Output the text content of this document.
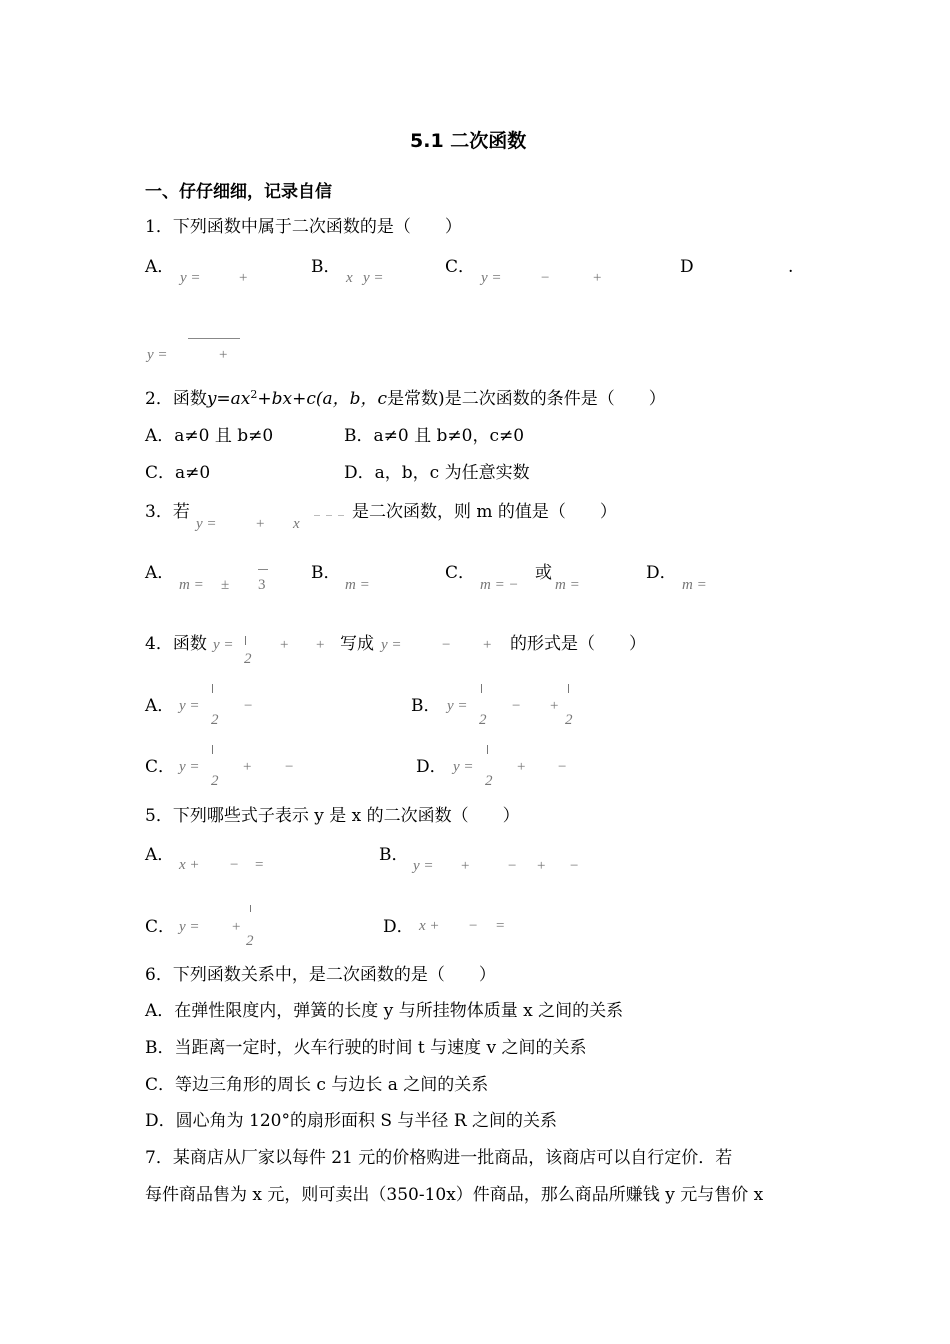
5.1 二次函数
一、仔仔细细，记录自信
1．下列函数中属于二次函数的是（　　）
A．
y =	+
B．
x y =
C．
y =	−	+
D	.
y =	+
2．函数$y=ax^2+bx+c(a$，b，c是常数)是二次函数的条件是（　　）
A．a≠0 且 b≠0	B．a≠0 且 b≠0，c≠0
C．a≠0	D．a，b，c 为任意实数
3．若
y =	+ x
是二次函数，则 m 的值是（　　）
A．
m = ± 3
B．
m =
C．
m = −
或
m =
D．
m =
4．函数 y =
2
+ + 写成 y =	− + 的形式是（　　）
A． y =
2
−	B． y =
2
− +
2
C． y =
2
+ −	D． y =
2
+ −
5．下列哪些式子表示 y 是 x 的二次函数（　　）
A． x + − =	B．
y = +	− + −
C． y = +
2
D． x + − =
6．下列函数关系中，是二次函数的是（　　）
A．在弹性限度内，弹簧的长度 y 与所挂物体质量 x 之间的关系
B．当距离一定时，火车行驶的时间 t 与速度 v 之间的关系
C．等边三角形的周长 c 与边长 a 之间的关系
D．圆心角为 120°的扇形面积 S 与半径 R 之间的关系
7．某商店从厂家以每件 21 元的价格购进一批商品，该商店可以自行定价．若
每件商品售为 x 元，则可卖出（350-10x）件商品，那么商品所赚钱 y 元与售价 x
